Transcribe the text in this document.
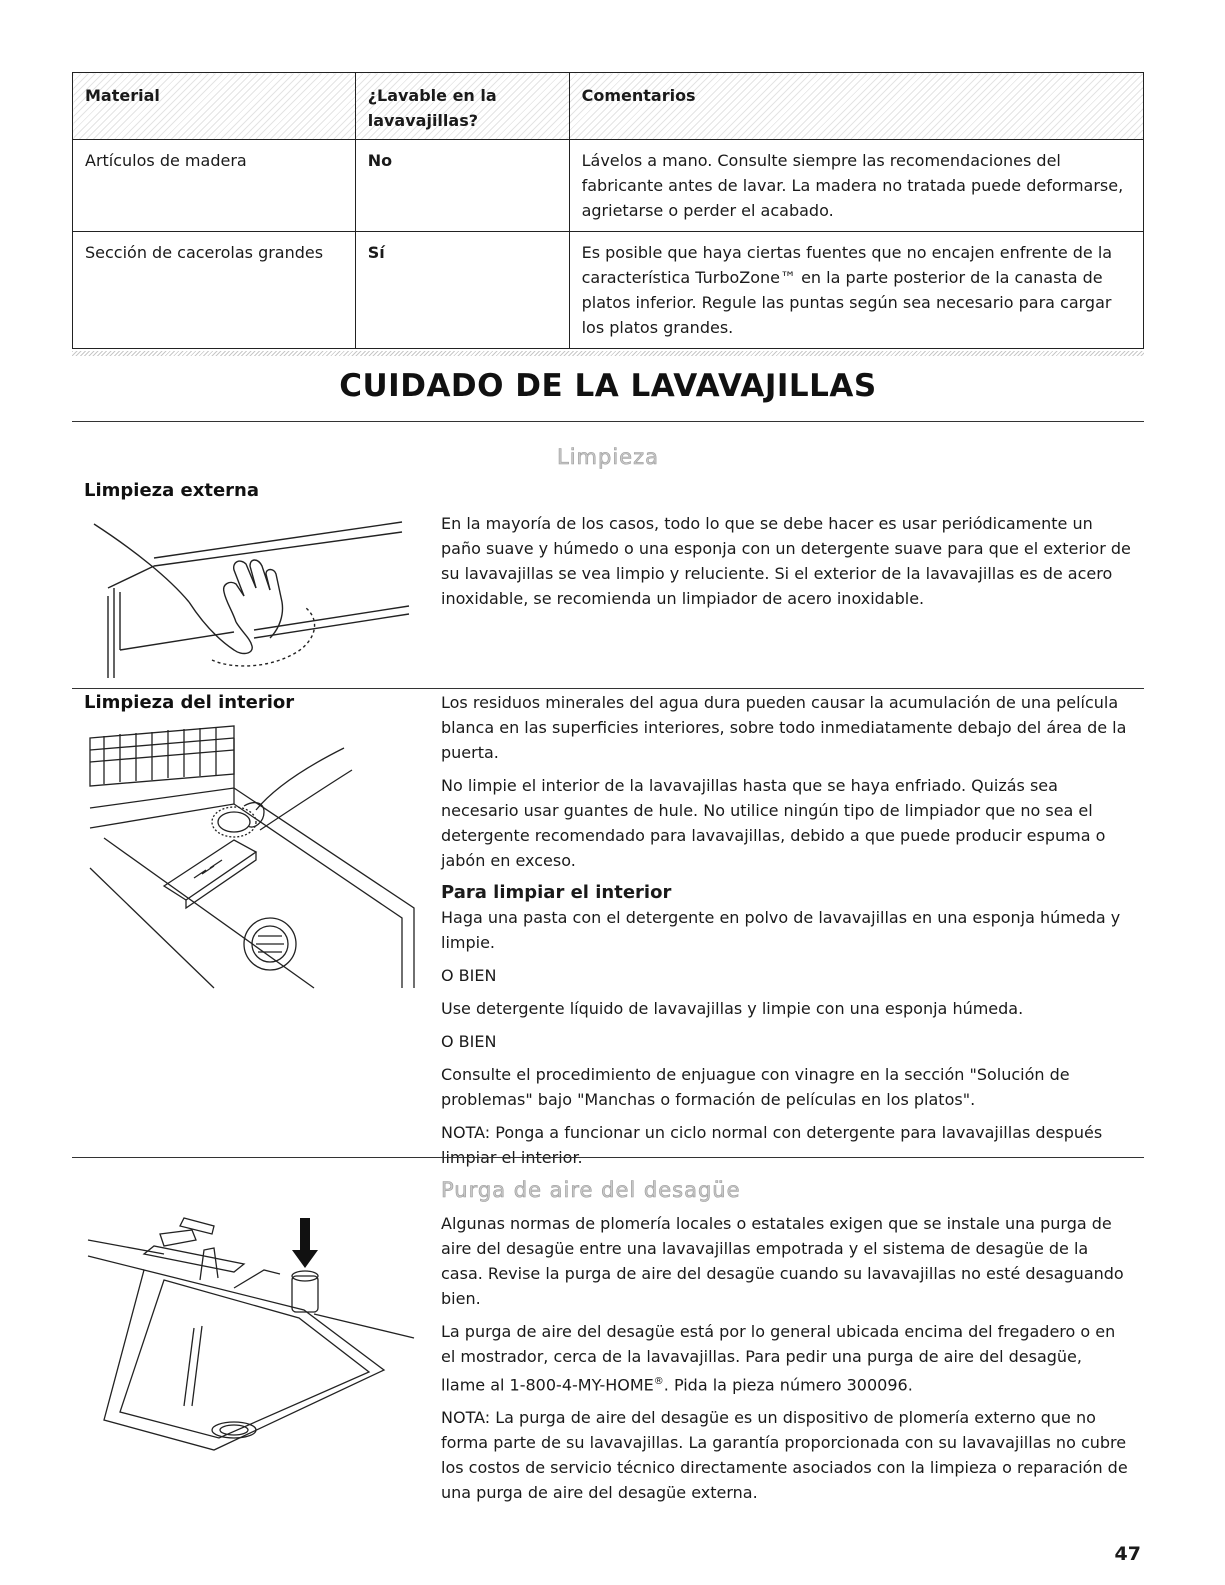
Material	¿Lavable en la lavavajillas?	Comentarios
Artículos de madera	No	Lávelos a mano. Consulte siempre las recomendaciones del fabricante antes de lavar. La madera no tratada puede deformarse, agrietarse o perder el acabado.
Sección de cacerolas grandes	Sí	Es posible que haya ciertas fuentes que no encajen enfrente de la característica TurboZone™ en la parte posterior de la canasta de platos inferior. Regule las puntas según sea necesario para cargar los platos grandes.
CUIDADO DE LA LAVAVAJILLAS
Limpieza
Limpieza externa

En la mayoría de los casos, todo lo que se debe hacer es usar periódicamente un paño suave y húmedo o una esponja con un detergente suave para que el exterior de su lavavajillas se vea limpio y reluciente. Si el exterior de la lavavajillas es de acero inoxidable, se recomienda un limpiador de acero inoxidable.

Limpieza del interior	Los residuos minerales del agua dura pueden causar la acumulación de una película blanca en las superficies interiores, sobre todo inmediatamente debajo del área de la puerta.

No limpie el interior de la lavavajillas hasta que se haya enfriado. Quizás sea necesario usar guantes de hule. No utilice ningún tipo de limpiador que no sea el detergente recomendado para lavavajillas, debido a que puede producir espuma o jabón en exceso.

Para limpiar el interior

Haga una pasta con el detergente en polvo de lavavajillas en una esponja húmeda y limpie.

O BIEN

Use detergente líquido de lavavajillas y limpie con una esponja húmeda.

O BIEN

Consulte el procedimiento de enjuague con vinagre en la sección "Solución de problemas" bajo "Manchas o formación de películas en los platos".

NOTA: Ponga a funcionar un ciclo normal con detergente para lavavajillas después limpiar el interior.

Purga de aire del desagüe

Algunas normas de plomería locales o estatales exigen que se instale una purga de aire del desagüe entre una lavavajillas empotrada y el sistema de desagüe de la casa. Revise la purga de aire del desagüe cuando su lavavajillas no esté desaguando bien.

La purga de aire del desagüe está por lo general ubicada encima del fregadero o en el mostrador, cerca de la lavavajillas. Para pedir una purga de aire del desagüe, llame al 1-800-4-MY-HOME®. Pida la pieza número 300096.

NOTA: La purga de aire del desagüe es un dispositivo de plomería externo que no forma parte de su lavavajillas. La garantía proporcionada con su lavavajillas no cubre los costos de servicio técnico directamente asociados con la limpieza o reparación de una purga de aire del desagüe externa.

47
